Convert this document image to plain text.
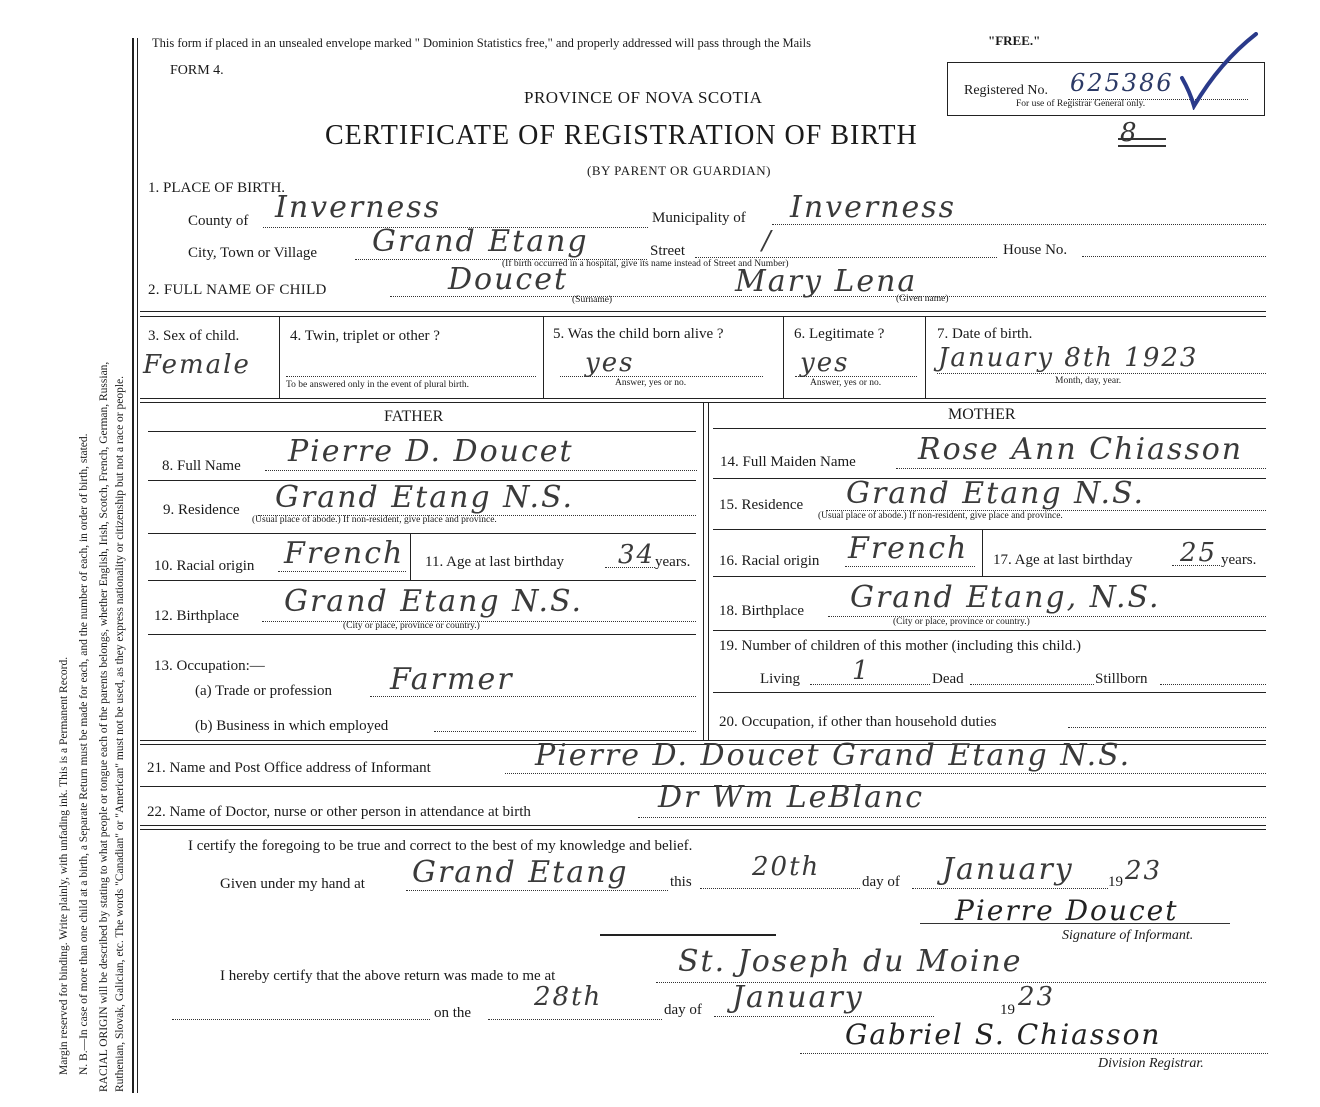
Margin reserved for binding. Write plainly, with unfading ink. This is a Permanent Record. N. B.—In case of more than one child at a birth, a Separate Return must be made for each, and the number of each, in order of birth, stated. RACIAL ORIGIN will be described by stating to what people or tongue each of the parents belongs, whether English, Irish, Scotch, French, German, Russian, Ruthenian, Slovak, Galician, etc. The words "Canadian" or "American" must not be used, as they express nationality or citizenship but not a race or people.
This form if placed in an unsealed envelope marked " Dominion Statistics free," and properly addressed will pass through the Mails	"FREE."
FORM 4.
PROVINCE OF NOVA SCOTIA
CERTIFICATE OF REGISTRATION OF BIRTH
(BY PARENT OR GUARDIAN)
Registered No. 625386
For use of Registrar General only.
8
1. PLACE OF BIRTH.
County of Inverness	Municipality of Inverness
City, Town or Village Grand Etang	Street	/	House No.
(If birth occurred in a hospital, give its name instead of Street and Number)
2. FULL NAME OF CHILD	Doucet	Mary Lena
(Surname)	(Given name)
3. Sex of child.
Female
4. Twin, triplet or other ?
To be answered only in the event of plural birth.
5. Was the child born alive ?
yes
Answer, yes or no.
6. Legitimate ?
yes
Answer, yes or no.
7. Date of birth.
January 8th 1923
Month, day, year.
FATHER	MOTHER
8. Full Name Pierre D. Doucet	14. Full Maiden Name Rose Ann Chiasson
9. Residence Grand Etang N.S.
(Usual place of abode.) If non-resident, give place and province.
15. Residence Grand Etang N.S.
(Usual place of abode.) If non-resident, give place and province.
10. Racial origin French 11. Age at last birthday 34 years. 16. Racial origin French 17. Age at last birthday 25 years.
12. Birthplace Grand Etang N.S.
(City or place, province or country.)
18. Birthplace Grand Etang, N.S.
(City or place, province or country.)
13. Occupation:—
(a) Trade or profession Farmer
(b) Business in which employed
19. Number of children of this mother (including this child.)
Living 1	Dead	Stillborn
20. Occupation, if other than household duties
21. Name and Post Office address of Informant	Pierre D. Doucet Grand Etang N.S.
22. Name of Doctor, nurse or other person in attendance at birth	Dr Wm LeBlanc
I certify the foregoing to be true and correct to the best of my knowledge and belief.
Given under my hand at Grand Etang	this 20th	day of January 19 23
Pierre Doucet
Signature of Informant.
I hereby certify that the above return was made to me at	St. Joseph du Moine
on the
28th	day of January	19 23
Gabriel S. Chiasson
Division Registrar.
